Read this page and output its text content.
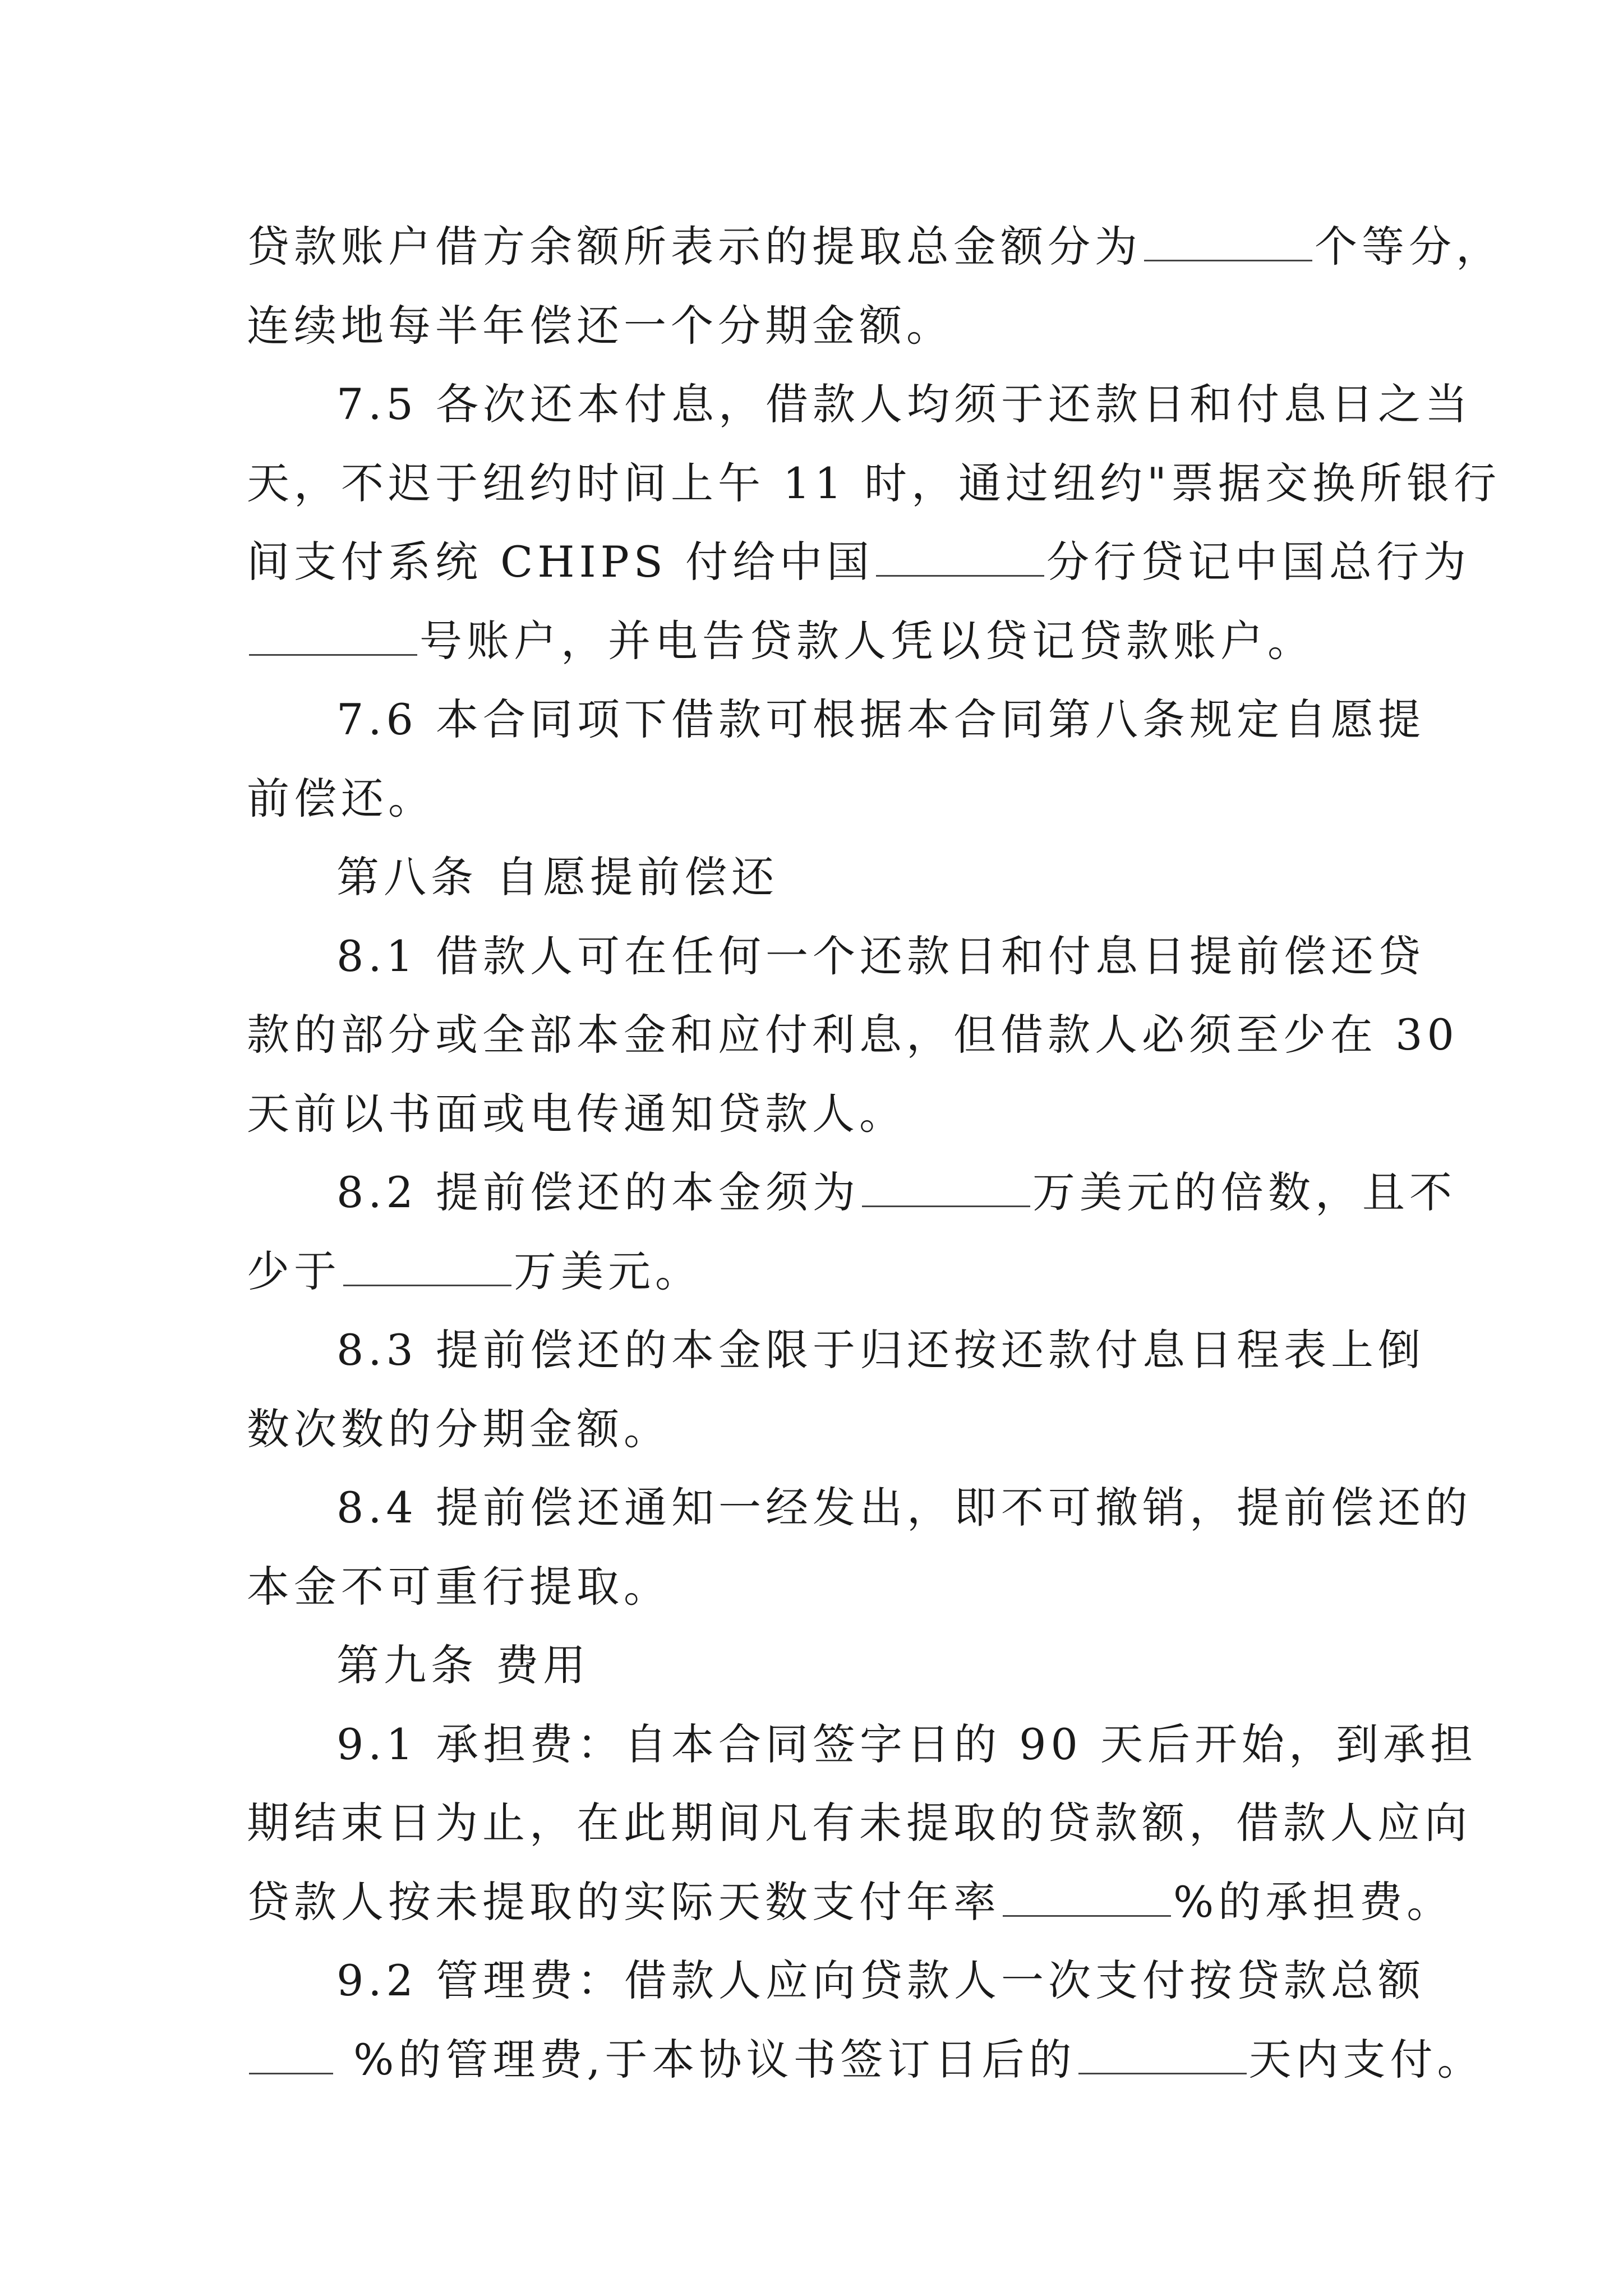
贷款账户借方余额所表示的提取总金额分为	个等分，

连续地每半年偿还一个分期金额。

7.5 各次还本付息，借款人均须于还款日和付息日之当

天，不迟于纽约时间上午 11 时，通过纽约"票据交换所银行

间支付系统 CHIPS 付给中国	分行贷记中国总行为

号账户，并电告贷款人凭以贷记贷款账户。

7.6 本合同项下借款可根据本合同第八条规定自愿提

前偿还。

第八条 自愿提前偿还

8.1 借款人可在任何一个还款日和付息日提前偿还贷

款的部分或全部本金和应付利息，但借款人必须至少在 30

天前以书面或电传通知贷款人。

8.2 提前偿还的本金须为	万美元的倍数，且不

少于	万美元。

8.3 提前偿还的本金限于归还按还款付息日程表上倒

数次数的分期金额。

8.4 提前偿还通知一经发出，即不可撤销，提前偿还的

本金不可重行提取。

第九条 费用

9.1 承担费：自本合同签字日的 90 天后开始，到承担

期结束日为止，在此期间凡有未提取的贷款额，借款人应向

贷款人按未提取的实际天数支付年率	%的承担费。

9.2 管理费：借款人应向贷款人一次支付按贷款总额

%的管理费,于本协议书签订日后的	天内支付。
